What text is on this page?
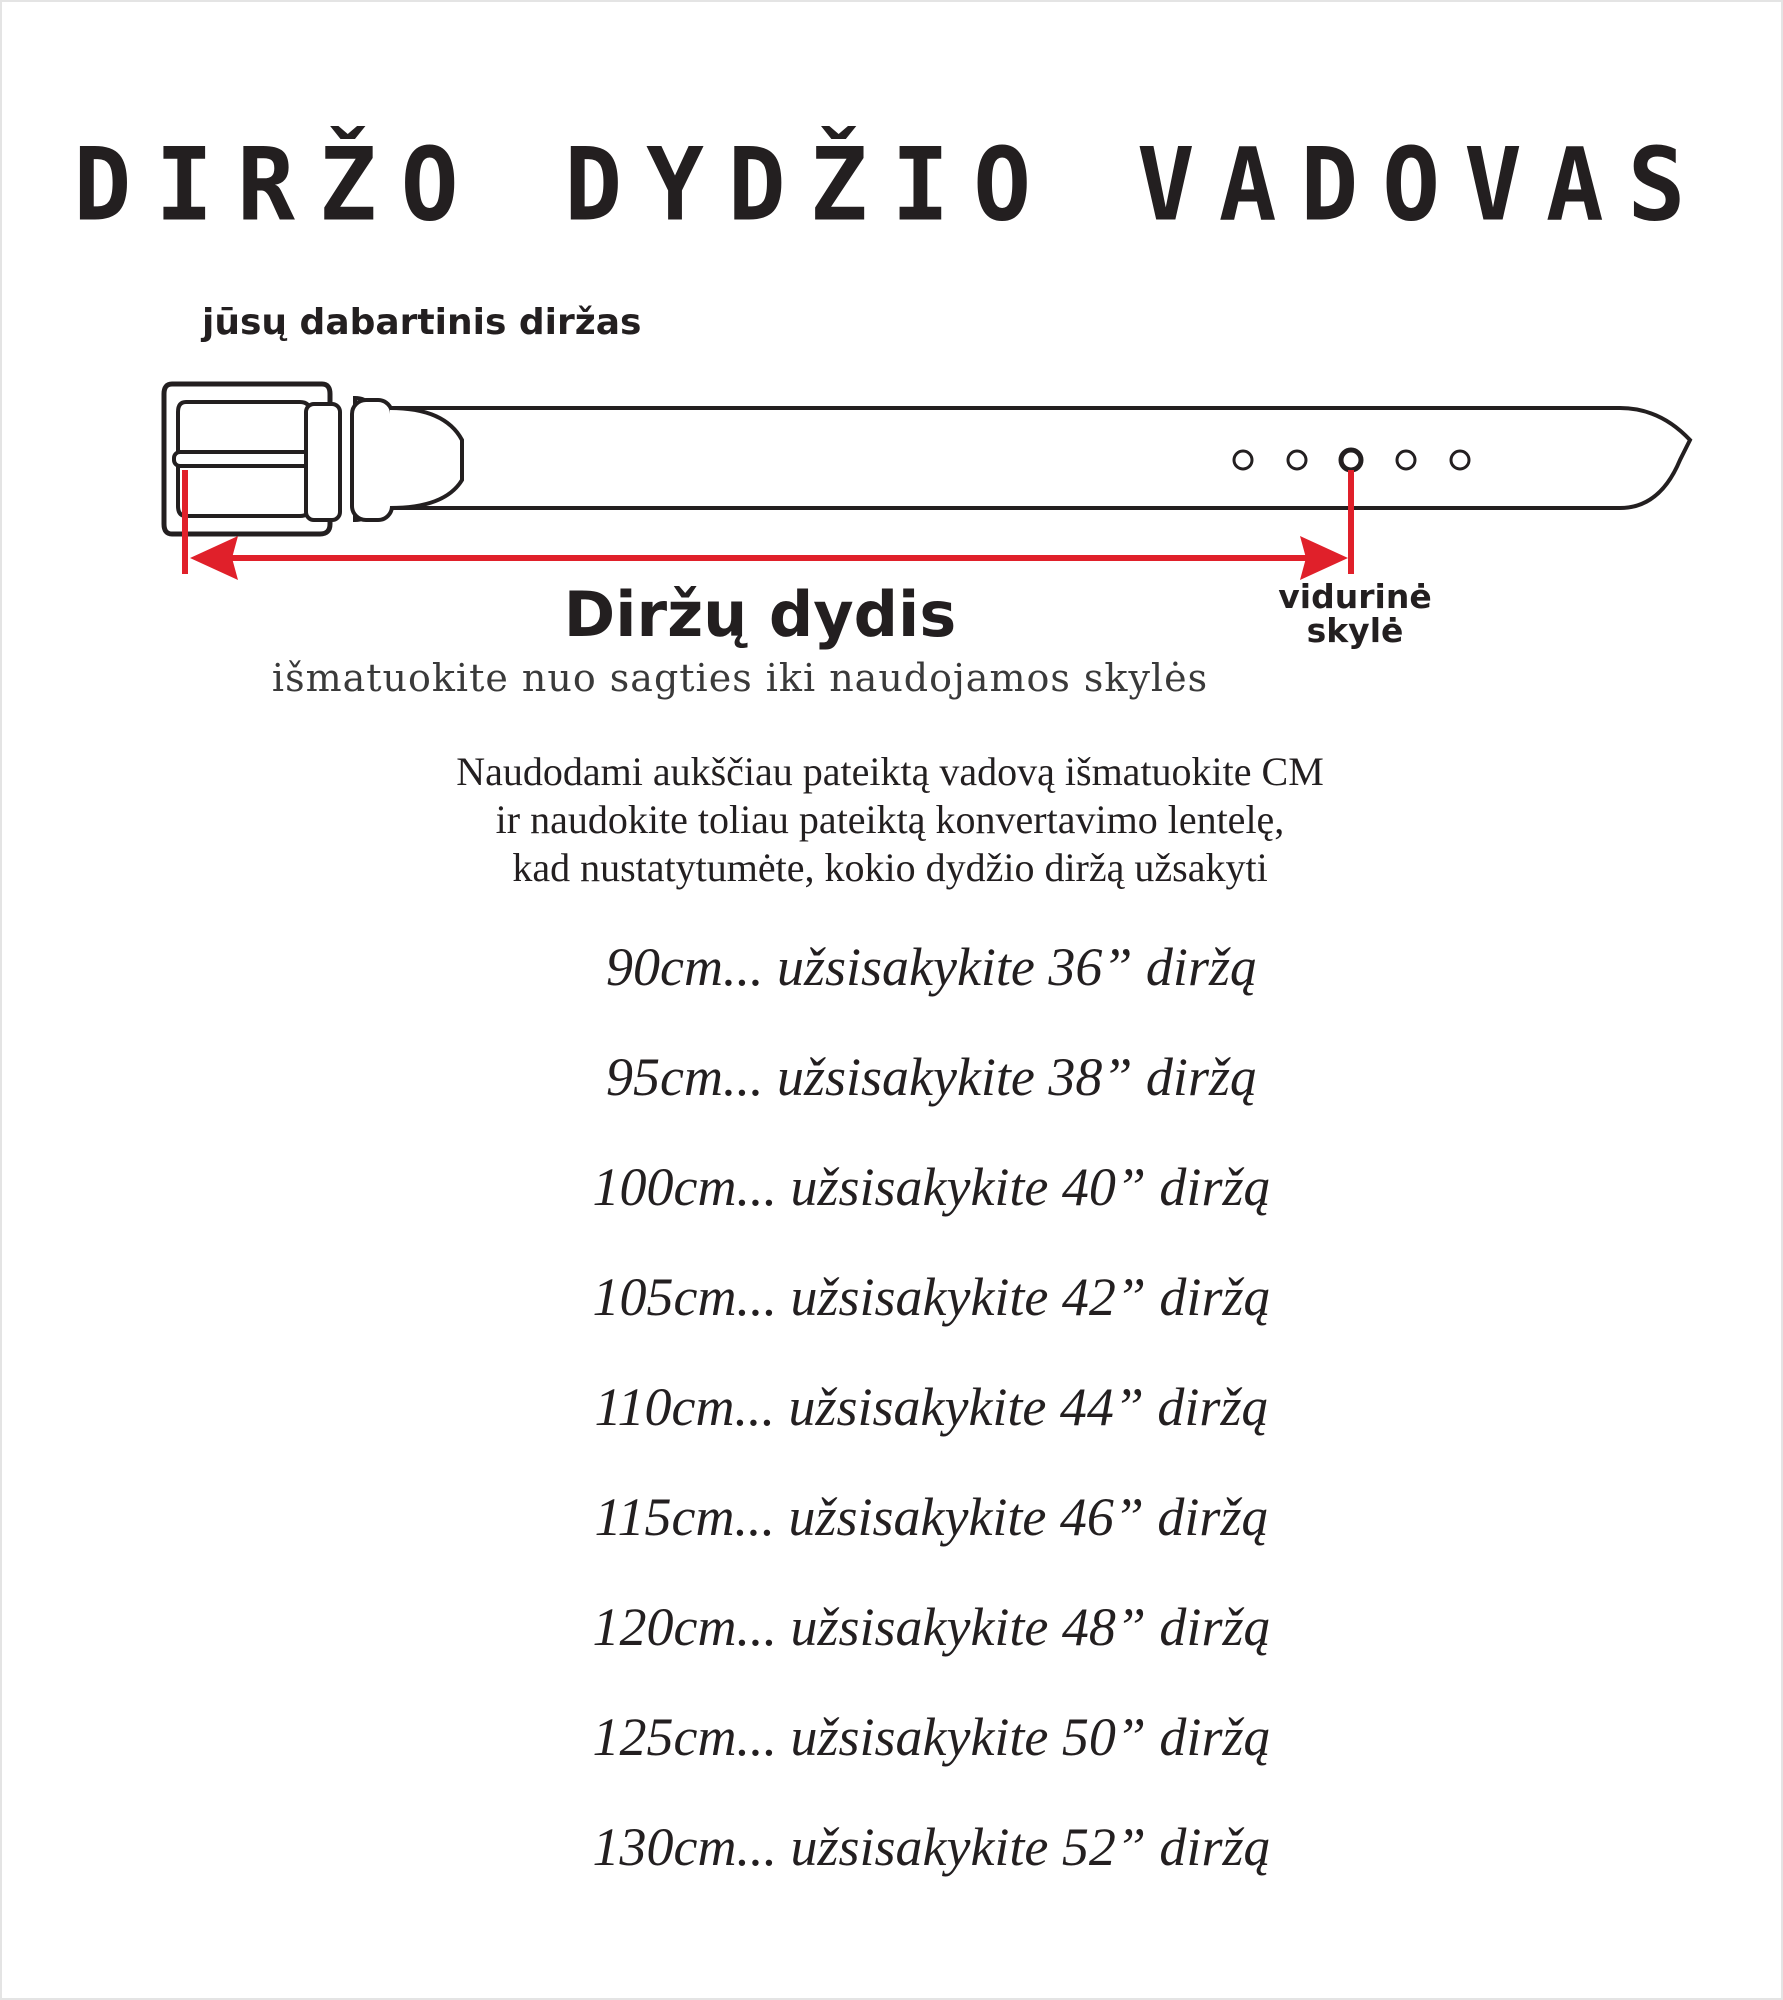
DIRŽO DYDŽIO VADOVAS
jūsų dabartinis diržas
vidurinė
skylė
Diržų dydis
išmatuokite nuo sagties iki naudojamos skylės
Naudodami aukščiau pateiktą vadovą išmatuokite CM
ir naudokite toliau pateiktą konvertavimo lentelę,
kad nustatytumėte, kokio dydžio diržą užsakyti
90cm... užsisakykite 36” diržą
95cm... užsisakykite 38” diržą
100cm... užsisakykite 40” diržą
105cm... užsisakykite 42” diržą
110cm... užsisakykite 44” diržą
115cm... užsisakykite 46” diržą
120cm... užsisakykite 48” diržą
125cm... užsisakykite 50” diržą
130cm... užsisakykite 52” diržą
